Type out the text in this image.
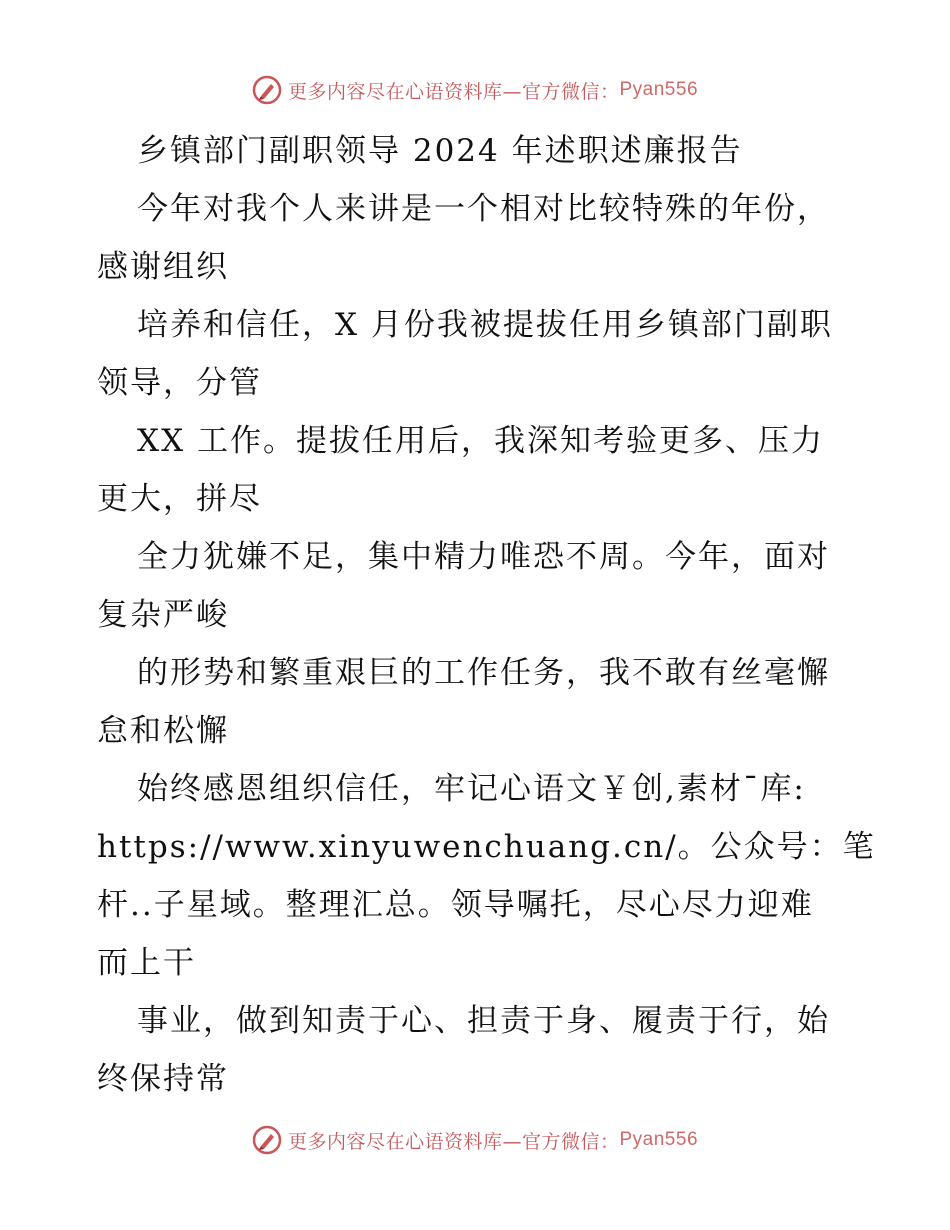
更多内容尽在心语资料库—官方微信： Pyan556
乡镇部门副职领导 2024 年述职述廉报告
今年对我个人来讲是一个相对比较特殊的年份，
感谢组织
培养和信任，X 月份我被提拔任用乡镇部门副职
领导，分管
XX 工作。提拔任用后，我深知考验更多、压力
更大，拼尽
全力犹嫌不足，集中精力唯恐不周。今年，面对
复杂严峻
的形势和繁重艰巨的工作任务，我不敢有丝毫懈
怠和松懈
始终感恩组织信任，牢记心语文￥创,素材¯库:
https://www.xinyuwenchuang.cn/。公众号：笔
杆..子星域。整理汇总。领导嘱托，尽心尽力迎难
而上干
事业，做到知责于心、担责于身、履责于行，始
终保持常
更多内容尽在心语资料库—官方微信： Pyan556
